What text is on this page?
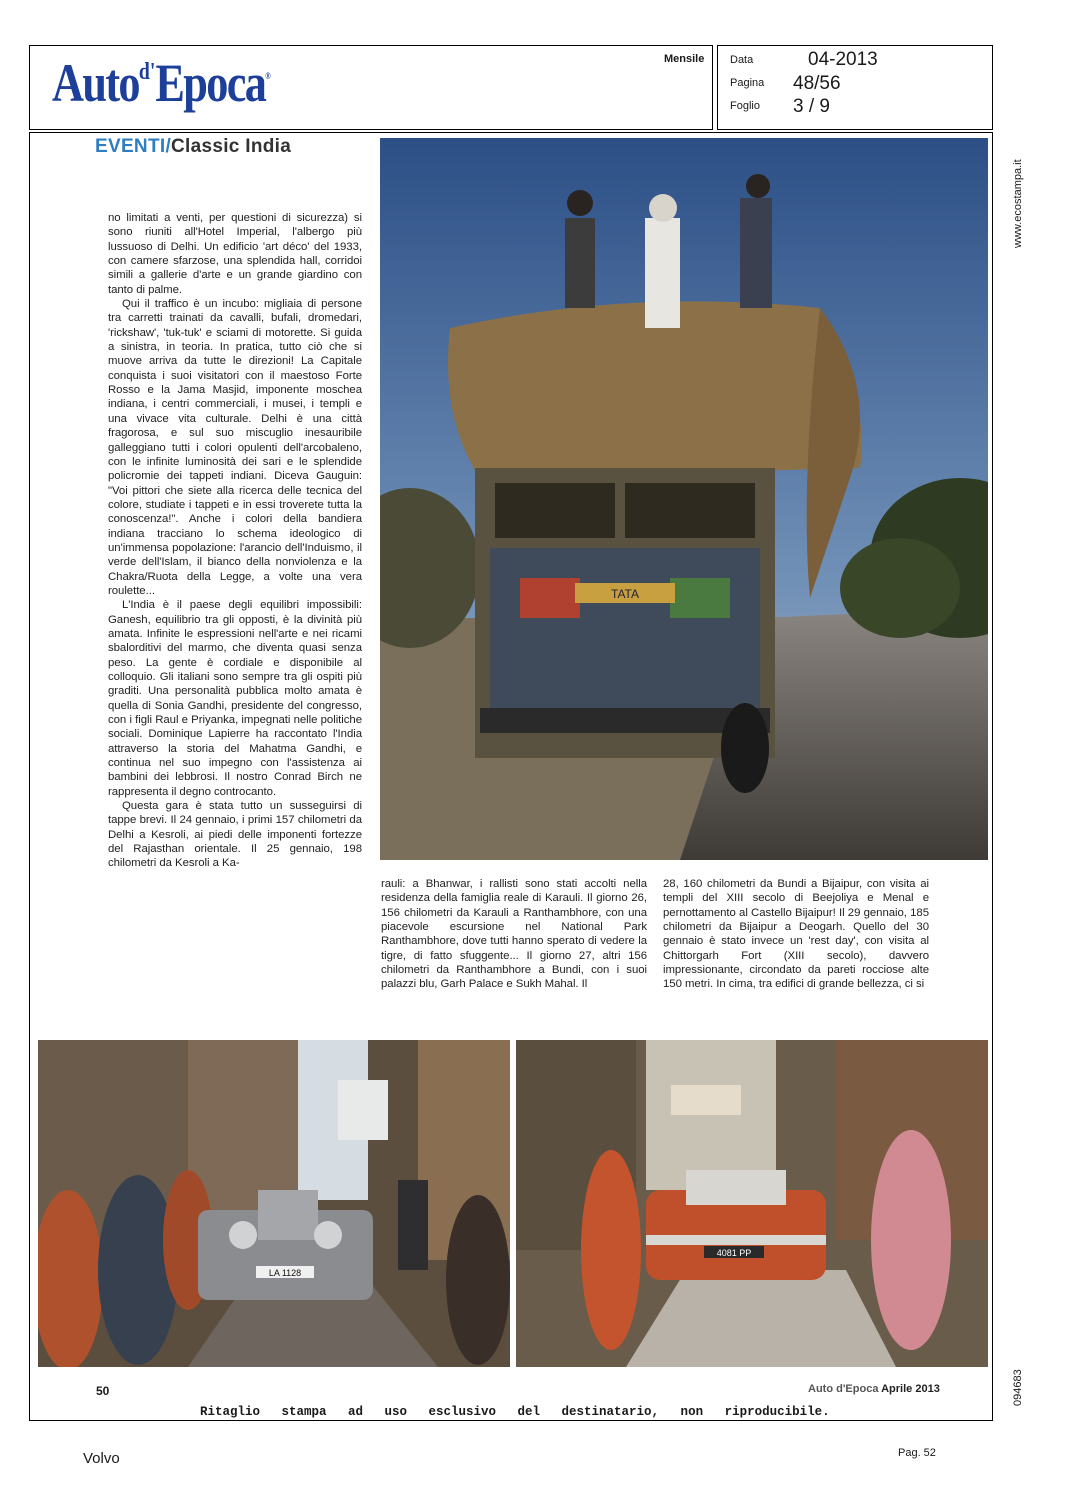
Auto$^{d'}$Epoca®
Mensile Data	04-2013
Pagina 48/56
Foglio 3 / 9
www.ecostampa.it
094683
EVENTI/Classic India

no limitati a venti, per questioni di sicurezza) si sono riuniti all'Hotel Imperial, l'albergo più lussuoso di Delhi. Un edificio 'art déco' del 1933, con camere sfarzose, una splendida hall, corridoi simili a gallerie d'arte e un grande giardino con tanto di palme.

Qui il traffico è un incubo: migliaia di persone tra carretti trainati da cavalli, bufali, dromedari, 'rickshaw', 'tuk-tuk' e sciami di motorette. Si guida a sinistra, in teoria. In pratica, tutto ciò che si muove arriva da tutte le direzioni! La Capitale conquista i suoi visitatori con il maestoso Forte Rosso e la Jama Masjid, imponente moschea indiana, i centri commerciali, i musei, i templi e una vivace vita culturale. Delhi è una città fragorosa, e sul suo miscuglio inesauribile galleggiano tutti i colori opulenti dell'arcobaleno, con le infinite luminosità dei sari e le splendide policromie dei tappeti indiani. Diceva Gauguin: "Voi pittori che siete alla ricerca delle tecnica del colore, studiate i tappeti e in essi troverete tutta la conoscenza!". Anche i colori della bandiera indiana tracciano lo schema ideologico di un'immensa popolazione: l'arancio dell'Induismo, il verde dell'Islam, il bianco della nonviolenza e la Chakra/Ruota della Legge, a volte una vera roulette...

L'India è il paese degli equilibri impossibili: Ganesh, equilibrio tra gli opposti, è la divinità più amata. Infinite le espressioni nell'arte e nei ricami sbalorditivi del marmo, che diventa quasi senza peso. La gente è cordiale e disponibile al colloquio. Gli italiani sono sempre tra gli ospiti più graditi. Una personalità pubblica molto amata è quella di Sonia Gandhi, presidente del congresso, con i figli Raul e Priyanka, impegnati nelle politiche sociali. Dominique Lapierre ha raccontato l'India attraverso la storia del Mahatma Gandhi, e continua nel suo impegno con l'assistenza ai bambini dei lebbrosi. Il nostro Conrad Birch ne rappresenta il degno controcanto.

Questa gara è stata tutto un susseguirsi di tappe brevi. Il 24 gennaio, i primi 157 chilometri da Delhi a Kesroli, ai piedi delle imponenti fortezze del Rajasthan orientale. Il 25 gennaio, 198 chilometri da Kesroli a Ka-

rauli: a Bhanwar, i rallisti sono stati accolti nella residenza della famiglia reale di Karauli. Il giorno 26, 156 chilometri da Karauli a Ranthambhore, con una piacevole escursione nel National Park Ranthambhore, dove tutti hanno sperato di vedere la tigre, di fatto sfuggente... Il giorno 27, altri 156 chilometri da Ranthambhore a Bundi, con i suoi palazzi blu, Garh Palace e Sukh Mahal. Il

28, 160 chilometri da Bundi a Bijaipur, con visita ai templi del XIII secolo di Beejoliya e Menal e pernottamento al Castello Bijaipur! Il 29 gennaio, 185 chilometri da Bijaipur a Deogarh. Quello del 30 gennaio è stato invece un 'rest day', con visita al Chittorgarh Fort (XIII secolo), davvero impressionante, circondato da pareti rocciose alte 150 metri. In cima, tra edifici di grande bellezza, ci si

TATA
LA 1128
4081 PP
50	Auto d'Epoca Aprile 2013
Ritaglio stampa ad uso esclusivo del destinatario, non riproducibile.
Volvo	Pag. 52
